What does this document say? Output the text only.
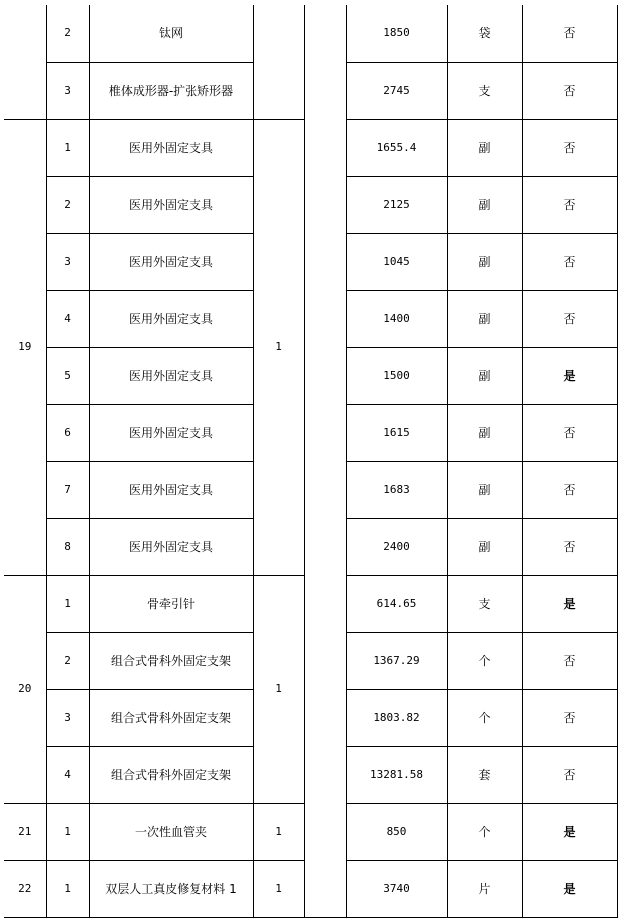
	2	钛网			1850	袋	否
	3	椎体成形器-扩张矫形器			2745	支	否
19	1	医用外固定支具	1		1655.4	副	否
	2	医用外固定支具			2125	副	否
	3	医用外固定支具			1045	副	否
	4	医用外固定支具			1400	副	否
	5	医用外固定支具			1500	副	是
	6	医用外固定支具			1615	副	否
	7	医用外固定支具			1683	副	否
	8	医用外固定支具			2400	副	否
20	1	骨牵引针	1		614.65	支	是
	2	组合式骨科外固定支架			1367.29	个	否
	3	组合式骨科外固定支架			1803.82	个	否
	4	组合式骨科外固定支架			13281.58	套	否
21	1	一次性血管夹	1		850	个	是
22	1	双层人工真皮修复材料 1	1		3740	片	是
